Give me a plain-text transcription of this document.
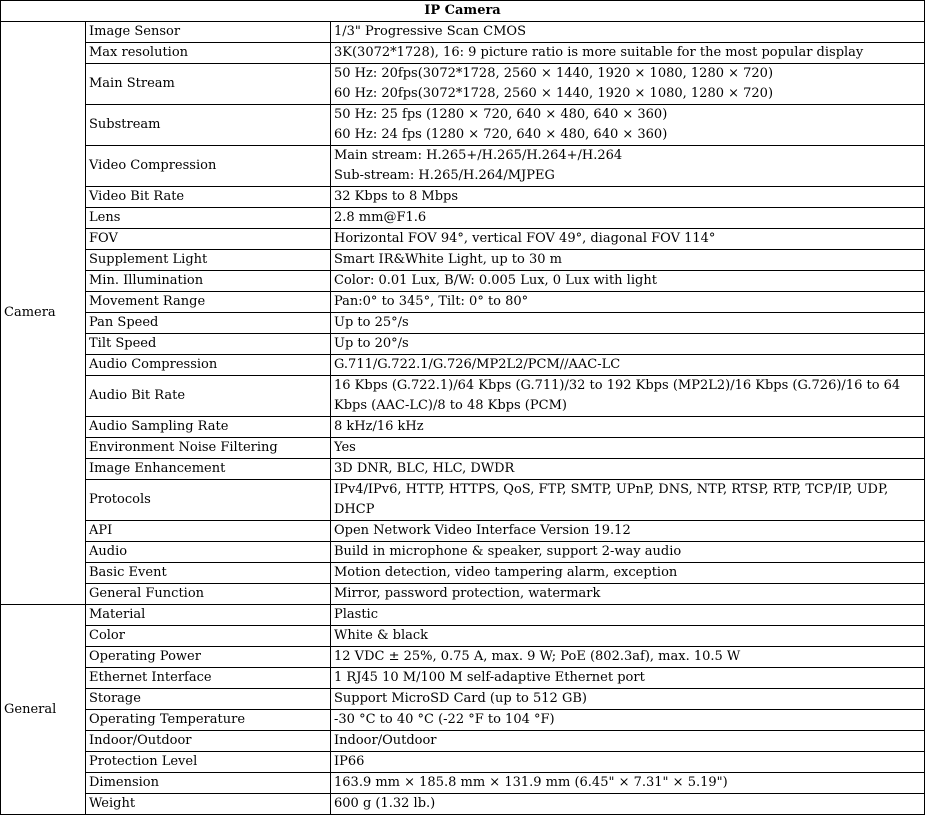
IP Camera		
Camera	Image Sensor	1/3" Progressive Scan CMOS

	Max resolution	3K(3072*1728), 16: 9 picture ratio is more suitable for the most popular display

	Main Stream	50 Hz: 20fps(3072*1728, 2560 × 1440, 1920 × 1080, 1280 × 720)
60 Hz: 20fps(3072*1728, 2560 × 1440, 1920 × 1080, 1280 × 720)

	Substream	50 Hz: 25 fps (1280 × 720, 640 × 480, 640 × 360)
60 Hz: 24 fps (1280 × 720, 640 × 480, 640 × 360)

	Video Compression	Main stream: H.265+/H.265/H.264+/H.264
Sub-stream: H.265/H.264/MJPEG

	Video Bit Rate	32 Kbps to 8 Mbps

	Lens	2.8 mm@F1.6

	FOV	Horizontal FOV 94°, vertical FOV 49°, diagonal FOV 114°

	Supplement Light	Smart IR&White Light, up to 30 m

	Min. Illumination	Color: 0.01 Lux, B/W: 0.005 Lux, 0 Lux with light

	Movement Range	Pan:0° to 345°, Tilt: 0° to 80°

	Pan Speed	Up to 25°/s

	Tilt Speed	Up to 20°/s

	Audio Compression	G.711/G.722.1/G.726/MP2L2/PCM//AAC-LC

	Audio Bit Rate	16 Kbps (G.722.1)/64 Kbps (G.711)/32 to 192 Kbps (MP2L2)/16 Kbps (G.726)/16 to 64 Kbps (AAC-LC)/8 to 48 Kbps (PCM)

	Audio Sampling Rate	8 kHz/16 kHz

	Environment Noise Filtering	Yes

	Image Enhancement	3D DNR, BLC, HLC, DWDR

	Protocols	IPv4/IPv6, HTTP, HTTPS, QoS, FTP, SMTP, UPnP, DNS, NTP, RTSP, RTP, TCP/IP, UDP, DHCP

	API	Open Network Video Interface Version 19.12

	Audio	Build in microphone & speaker, support 2-way audio

	Basic Event	Motion detection, video tampering alarm, exception

	General Function	Mirror, password protection, watermark

General	Material	Plastic

	Color	White & black

	Operating Power	12 VDC ± 25%, 0.75 A, max. 9 W; PoE (802.3af), max. 10.5 W

	Ethernet Interface	1 RJ45 10 M/100 M self-adaptive Ethernet port

	Storage	Support MicroSD Card (up to 512 GB)

	Operating Temperature	-30 °C to 40 °C (-22 °F to 104 °F)

	Indoor/Outdoor	Indoor/Outdoor

	Protection Level	IP66

	Dimension	163.9 mm × 185.8 mm × 131.9 mm (6.45" × 7.31" × 5.19")

	Weight	600 g (1.32 lb.)
